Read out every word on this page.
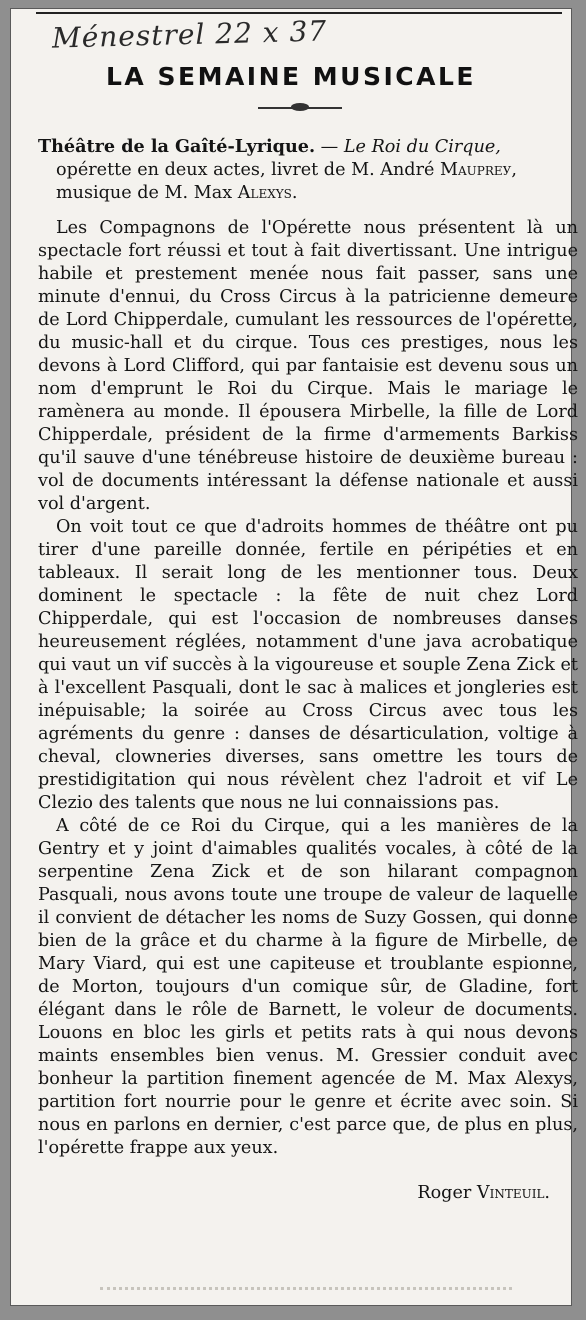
Ménestrel 22 x 37
LA SEMAINE MUSICALE

Théâtre de la Gaîté-Lyrique. — Le Roi du Cirque,
opérette en deux actes, livret de M. André Maupreу,
musique de M. Max Alexys.

Les Compagnons de l'Opérette nous présentent là un spectacle fort réussi et tout à fait divertissant. Une intrigue habile et prestement menée nous fait passer, sans une minute d'ennui, du Cross Circus à la patricienne demeure de Lord Chipperdale, cumulant les ressources de l'opérette, du music-hall et du cirque. Tous ces prestiges, nous les devons à Lord Clifford, qui par fantaisie est devenu sous un nom d'emprunt le Roi du Cirque. Mais le mariage le ramènera au monde. Il épousera Mirbelle, la fille de Lord Chipperdale, président de la firme d'armements Barkiss qu'il sauve d'une ténébreuse histoire de deuxième bureau : vol de documents intéressant la défense nationale et aussi vol d'argent.

On voit tout ce que d'adroits hommes de théâtre ont pu tirer d'une pareille donnée, fertile en péripéties et en tableaux. Il serait long de les mentionner tous. Deux dominent le spectacle : la fête de nuit chez Lord Chipperdale, qui est l'occasion de nombreuses danses heureusement réglées, notamment d'une java acrobatique qui vaut un vif succès à la vigoureuse et souple Zena Zick et à l'excellent Pasquali, dont le sac à malices et jongleries est inépuisable; la soirée au Cross Circus avec tous les agréments du genre : danses de désarticulation, voltige à cheval, clowneries diverses, sans omettre les tours de prestidigitation qui nous révèlent chez l'adroit et vif Le Clezio des talents que nous ne lui connaissions pas.

A côté de ce Roi du Cirque, qui a les manières de la Gentry et y joint d'aimables qualités vocales, à côté de la serpentine Zena Zick et de son hilarant compagnon Pasquali, nous avons toute une troupe de valeur de laquelle il convient de détacher les noms de Suzy Gossen, qui donne bien de la grâce et du charme à la figure de Mirbelle, de Mary Viard, qui est une capiteuse et troublante espionne, de Morton, toujours d'un comique sûr, de Gladine, fort élégant dans le rôle de Barnett, le voleur de documents. Louons en bloc les girls et petits rats à qui nous devons maints ensembles bien venus. M. Gressier conduit avec bonheur la partition finement agencée de M. Max Alexys, partition fort nourrie pour le genre et écrite avec soin. Si nous en parlons en dernier, c'est parce que, de plus en plus, l'opérette frappe aux yeux.

Roger Vinteuil.
